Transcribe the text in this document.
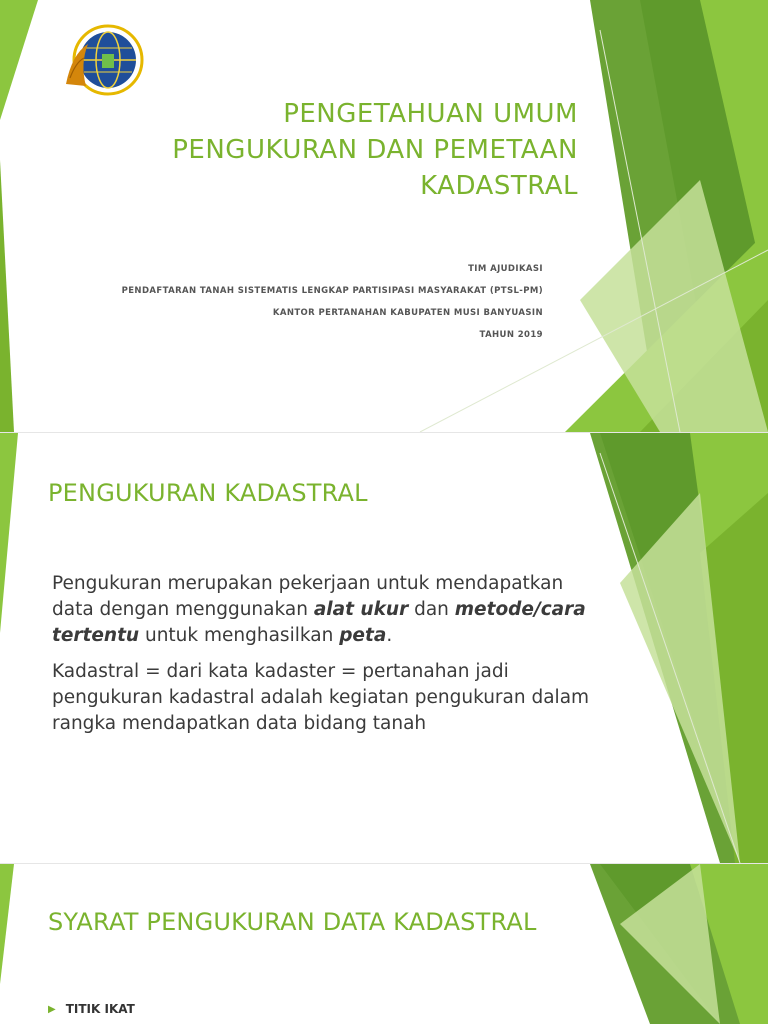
PENGETAHUAN UMUM
PENGUKURAN DAN PEMETAAN
KADASTRAL
TIM AJUDIKASI
PENDAFTARAN TANAH SISTEMATIS LENGKAP PARTISIPASI MASYARAKAT (PTSL-PM)
KANTOR PERTANAHAN KABUPATEN MUSI BANYUASIN
TAHUN 2019
PENGUKURAN KADASTRAL

Pengukuran merupakan pekerjaan untuk mendapatkan data dengan menggunakan alat ukur dan metode/cara tertentu untuk menghasilkan peta.

Kadastral = dari kata kadaster = pertanahan jadi pengukuran kadastral adalah kegiatan pengukuran dalam rangka mendapatkan data bidang tanah

SYARAT PENGUKURAN DATA KADASTRAL
▶ TITIK IKAT
